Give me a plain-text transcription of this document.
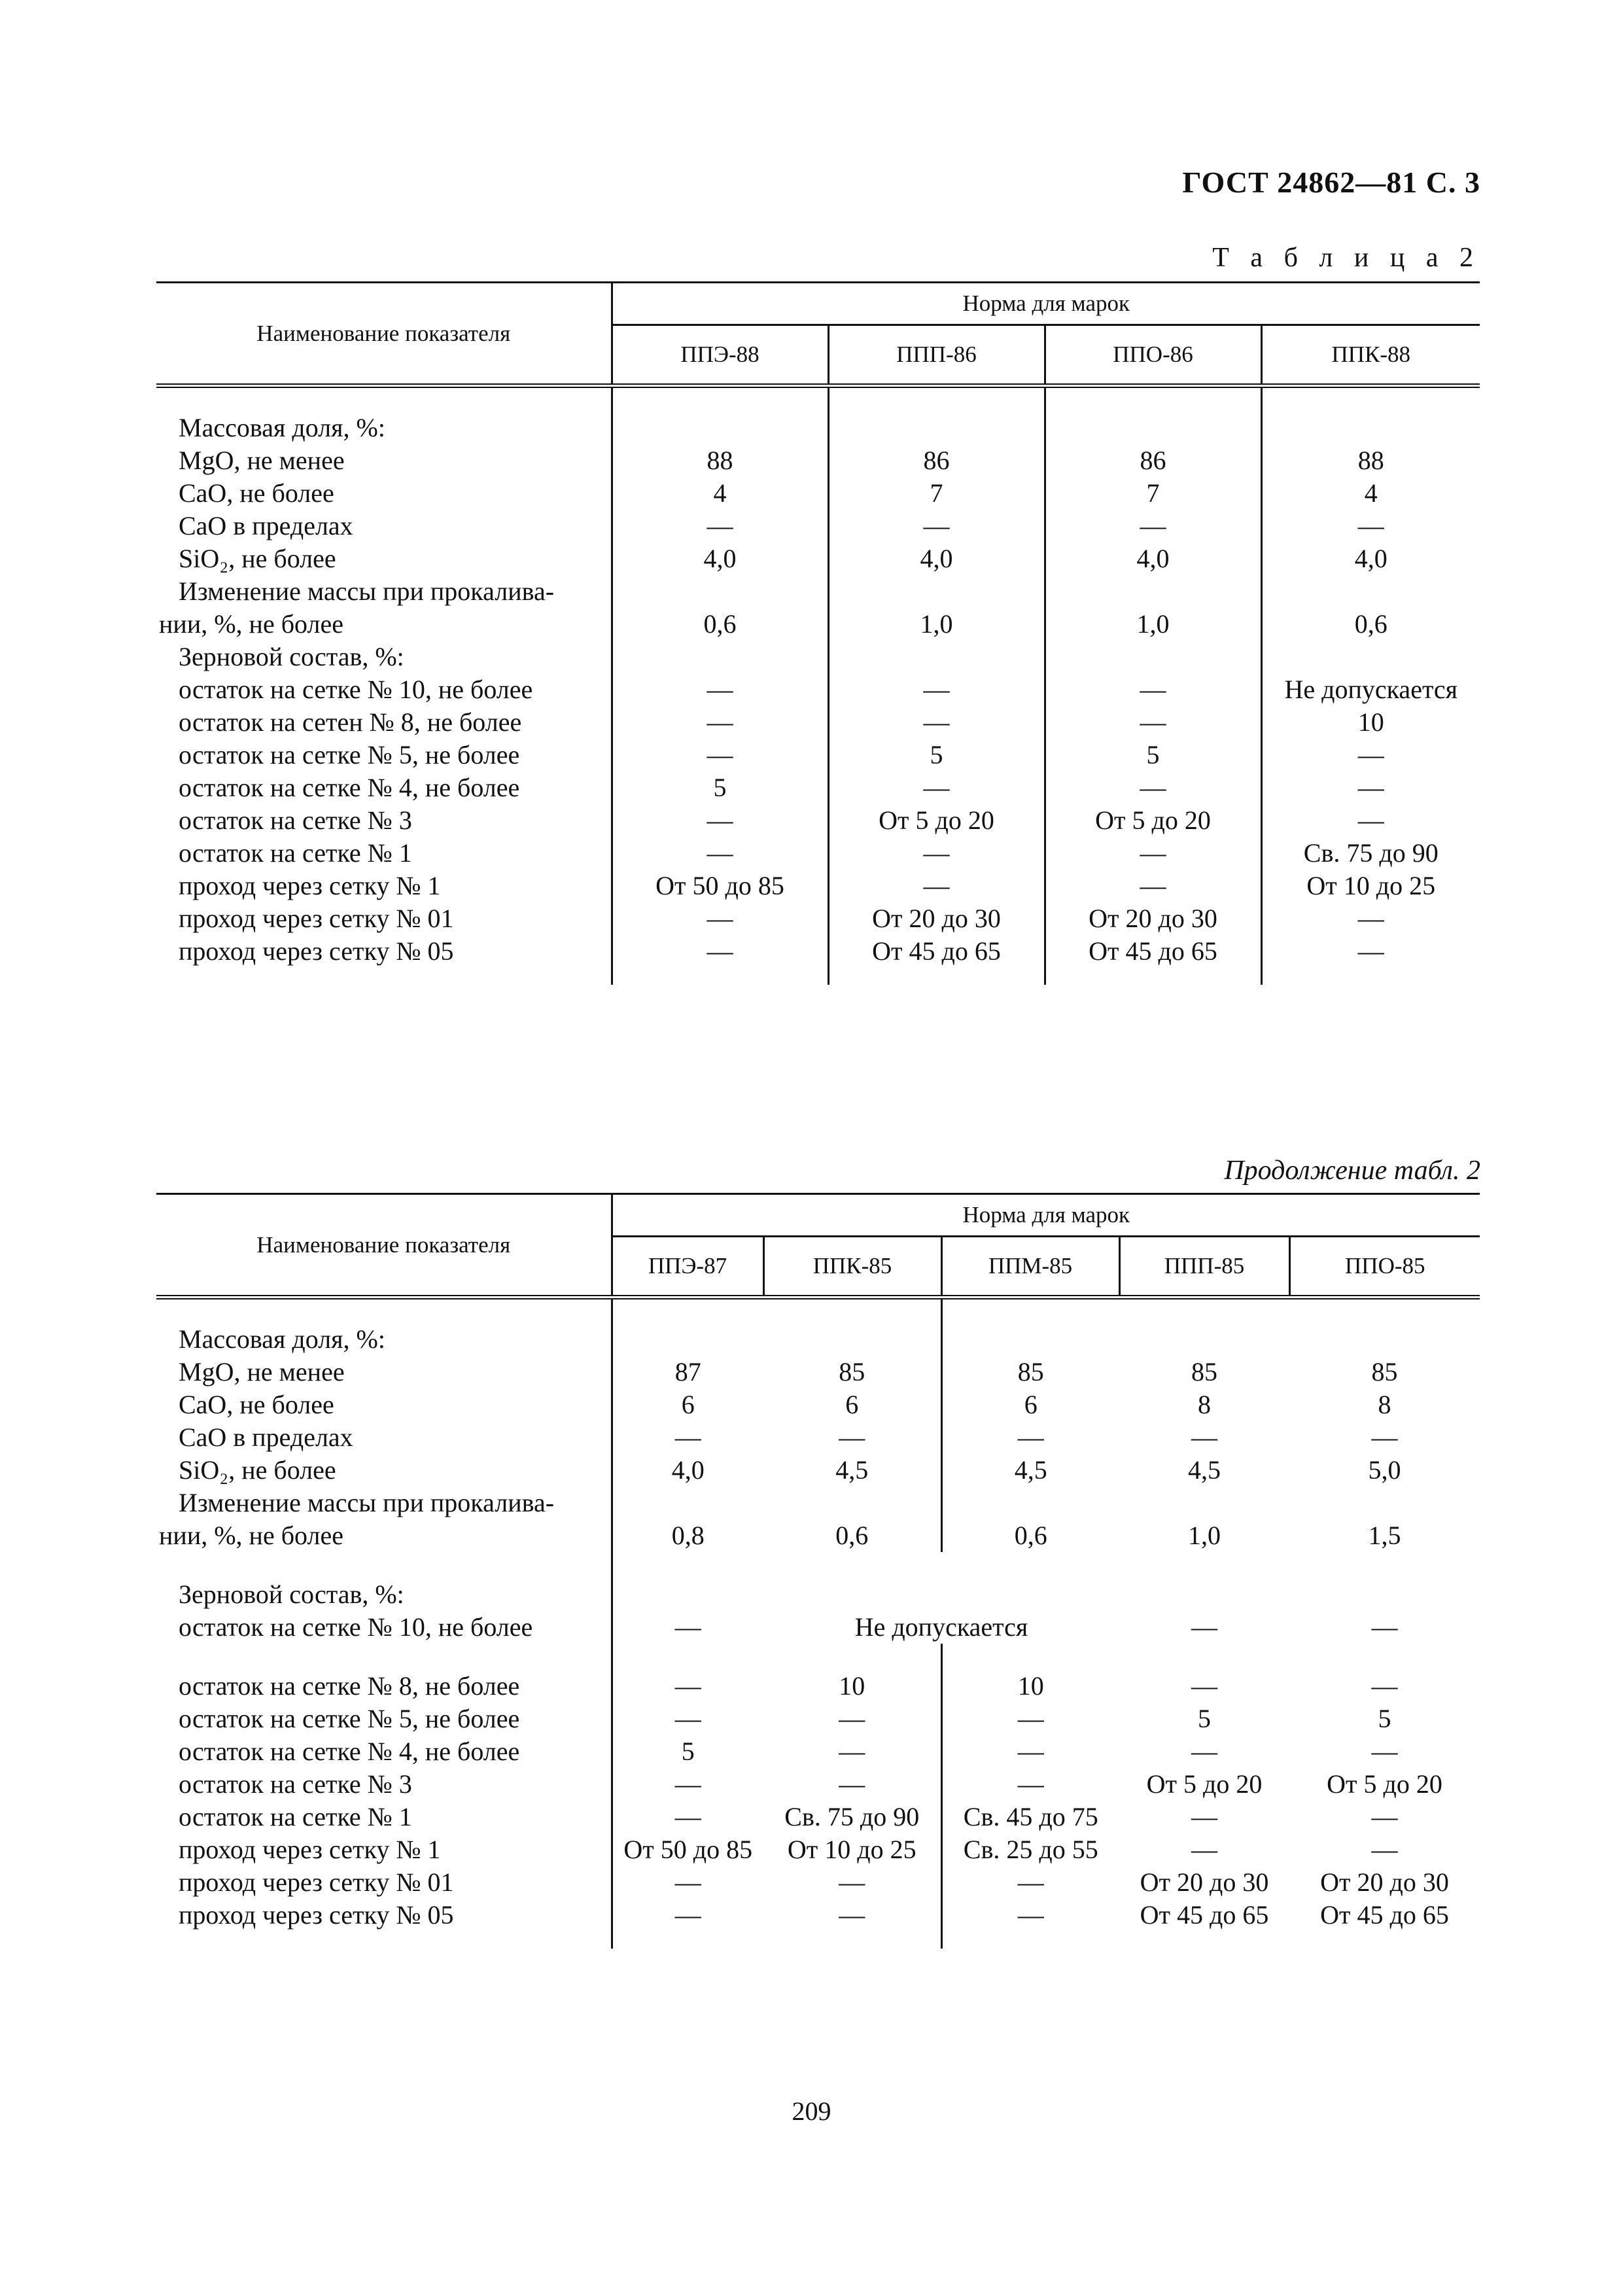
ГОСТ 24862—81 С. 3
Т а б л и ц а 2
Наименование показателя	Норма для марок			
	ППЭ-88	ППП-86	ППО-86	ППК-88

Массовая доля, %:				
MgO, не менее	88	86	86	88
CaO, не более	4	7	7	4
CaO в пределах	—	—	—	—
SiO₂, не более	4,0	4,0	4,0	4,0
Изменение массы при прокалива-				
нии, %, не более	0,6	1,0	1,0	0,6
Зерновой состав, %:				
остаток на сетке № 10, не более	—	—	—	Не допускается
остаток на сетен № 8, не более	—	—	—	10
остаток на сетке № 5, не более	—	5	5	—
остаток на сетке № 4, не более	5	—	—	—
остаток на сетке № 3	—	От 5 до 20	От 5 до 20	—
остаток на сетке № 1	—	—	—	Св. 75 до 90
проход через сетку № 1	От 50 до 85	—	—	От 10 до 25
проход через сетку № 01	—	От 20 до 30	От 20 до 30	—
проход через сетку № 05	—	От 45 до 65	От 45 до 65	—

Продолжение табл. 2
Наименование показателя	Норма для марок				
	ППЭ-87	ППК-85	ППМ-85	ППП-85	ППО-85

Массовая доля, %:					
MgO, не менее	87	85	85	85	85
CaO, не более	6	6	6	8	8
CaO в пределах	—	—	—	—	—
SiO₂, не более	4,0	4,5	4,5	4,5	5,0
Изменение массы при прокалива-					
нии, %, не более	0,8	0,6	0,6	1,0	1,5

Зерновой состав, %:					
остаток на сетке № 10, не более	—	Не допускается		—	—

остаток на сетке № 8, не более	—	10	10	—	—
остаток на сетке № 5, не более	—	—	—	5	5
остаток на сетке № 4, не более	5	—	—	—	—
остаток на сетке № 3	—	—	—	От 5 до 20	От 5 до 20
остаток на сетке № 1	—	Св. 75 до 90	Св. 45 до 75	—	—
проход через сетку № 1	От 50 до 85	От 10 до 25	Св. 25 до 55	—	—
проход через сетку № 01	—	—	—	От 20 до 30	От 20 до 30
проход через сетку № 05	—	—	—	От 45 до 65	От 45 до 65

209
